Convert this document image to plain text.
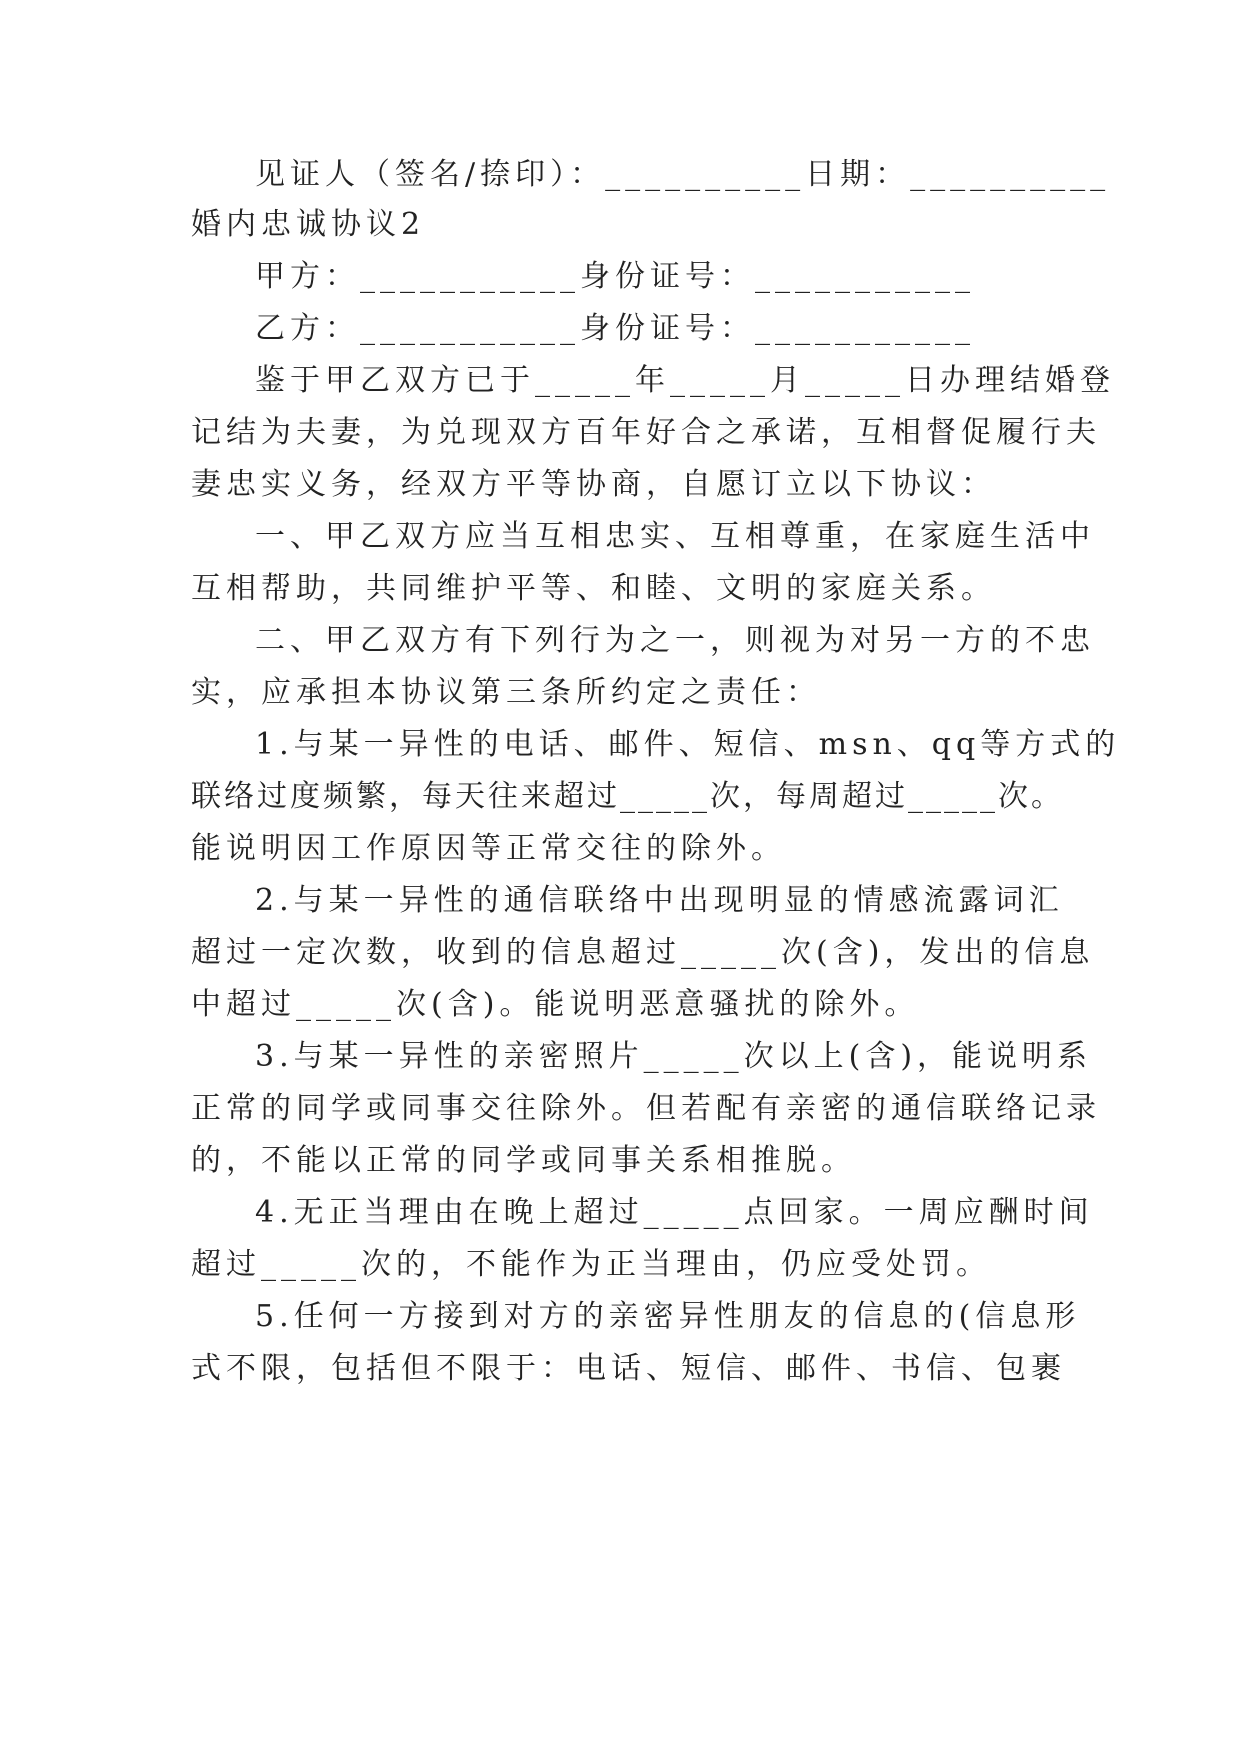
见证人（签名/捺印）：__________日期：__________
婚内忠诚协议2
甲方：___________身份证号：___________
乙方：___________身份证号：___________
鉴于甲乙双方已于_____年_____月_____日办理结婚登
记结为夫妻，为兑现双方百年好合之承诺，互相督促履行夫
妻忠实义务，经双方平等协商，自愿订立以下协议：
一、甲乙双方应当互相忠实、互相尊重，在家庭生活中
互相帮助，共同维护平等、和睦、文明的家庭关系。
二、甲乙双方有下列行为之一，则视为对另一方的不忠
实，应承担本协议第三条所约定之责任：
1.与某一异性的电话、邮件、短信、msn、qq等方式的
联络过度频繁，每天往来超过_____次，每周超过_____次。
能说明因工作原因等正常交往的除外。
2.与某一异性的通信联络中出现明显的情感流露词汇
超过一定次数，收到的信息超过_____次(含)，发出的信息
中超过_____次(含)。能说明恶意骚扰的除外。
3.与某一异性的亲密照片_____次以上(含)，能说明系
正常的同学或同事交往除外。但若配有亲密的通信联络记录
的，不能以正常的同学或同事关系相推脱。
4.无正当理由在晚上超过_____点回家。一周应酬时间
超过_____次的，不能作为正当理由，仍应受处罚。
5.任何一方接到对方的亲密异性朋友的信息的(信息形
式不限，包括但不限于：电话、短信、邮件、书信、包裹
